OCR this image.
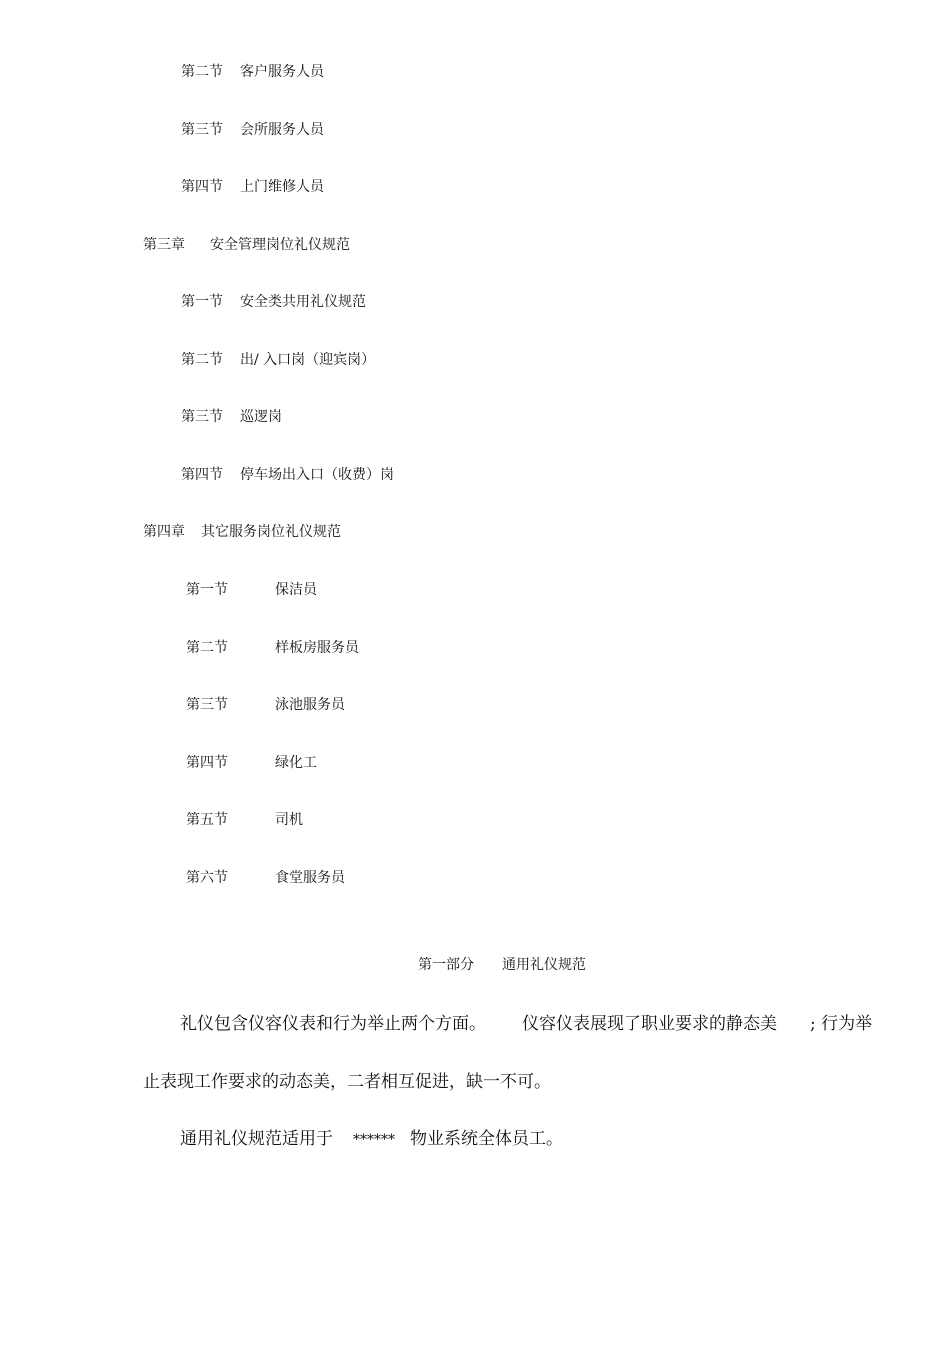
第二节 客户服务人员
第三节 会所服务人员
第四节 上门维修人员
第三章 安全管理岗位礼仪规范
第一节 安全类共用礼仪规范
第二节 出/ 入口岗（迎宾岗）
第三节 巡逻岗
第四节 停车场出入口（收费）岗
第四章 其它服务岗位礼仪规范
第一节	保洁员
第二节	样板房服务员
第三节	泳池服务员
第四节	绿化工
第五节	司机
第六节	食堂服务员
第一部分 通用礼仪规范
礼仪包含仪容仪表和行为举止两个方面。 仪容仪表展现了职业要求的静态美 ; 行为举
止表现工作要求的动态美，二者相互促进，缺一不可。
通用礼仪规范适用于 ****** 物业系统全体员工。
